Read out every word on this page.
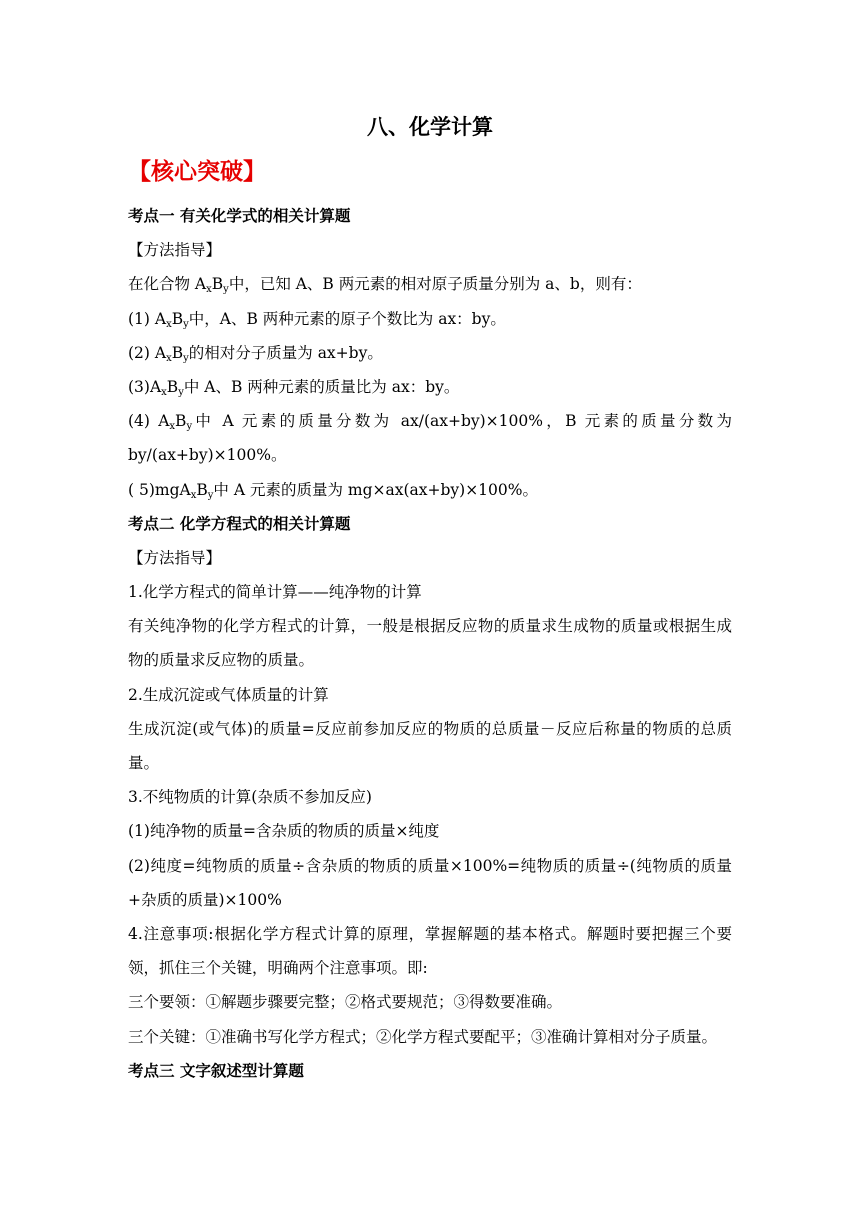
八、化学计算
【核心突破】
考点一 有关化学式的相关计算题
【方法指导】
在化合物 $A_xB_y$中，已知 A、B 两元素的相对原子质量分别为 a、b，则有：
(1) $A_xB_y$中，A、B 两种元素的原子个数比为 ax：by。
(2) $A_xB_y$的相对分子质量为 ax+by。
$(3)A_xB_y$中 A、B 两种元素的质量比为 ax：by。
(4) $A_xB_y$中 A 元素的质量分数为 ax/(ax+by)×100%，B 元素的质量分数为 by/(ax+by)×100%。
( $5)mgA_xB_y$中 A 元素的质量为 mg×ax(ax+by)×100%。
考点二 化学方程式的相关计算题
【方法指导】
1.化学方程式的简单计算——纯净物的计算
有关纯净物的化学方程式的计算，一般是根据反应物的质量求生成物的质量或根据生成物的质量求反应物的质量。
2.生成沉淀或气体质量的计算
生成沉淀(或气体)的质量=反应前参加反应的物质的总质量－反应后称量的物质的总质量。
3.不纯物质的计算(杂质不参加反应)
(1)纯净物的质量=含杂质的物质的质量×纯度
(2)纯度=纯物质的质量÷含杂质的物质的质量×100%=纯物质的质量÷(纯物质的质量+杂质的质量)×100%
4.注意事项:根据化学方程式计算的原理，掌握解题的基本格式。解题时要把握三个要领，抓住三个关键，明确两个注意事项。即:
三个要领：①解题步骤要完整；②格式要规范；③得数要准确。
三个关键：①准确书写化学方程式；②化学方程式要配平；③准确计算相对分子质量。
考点三 文字叙述型计算题
